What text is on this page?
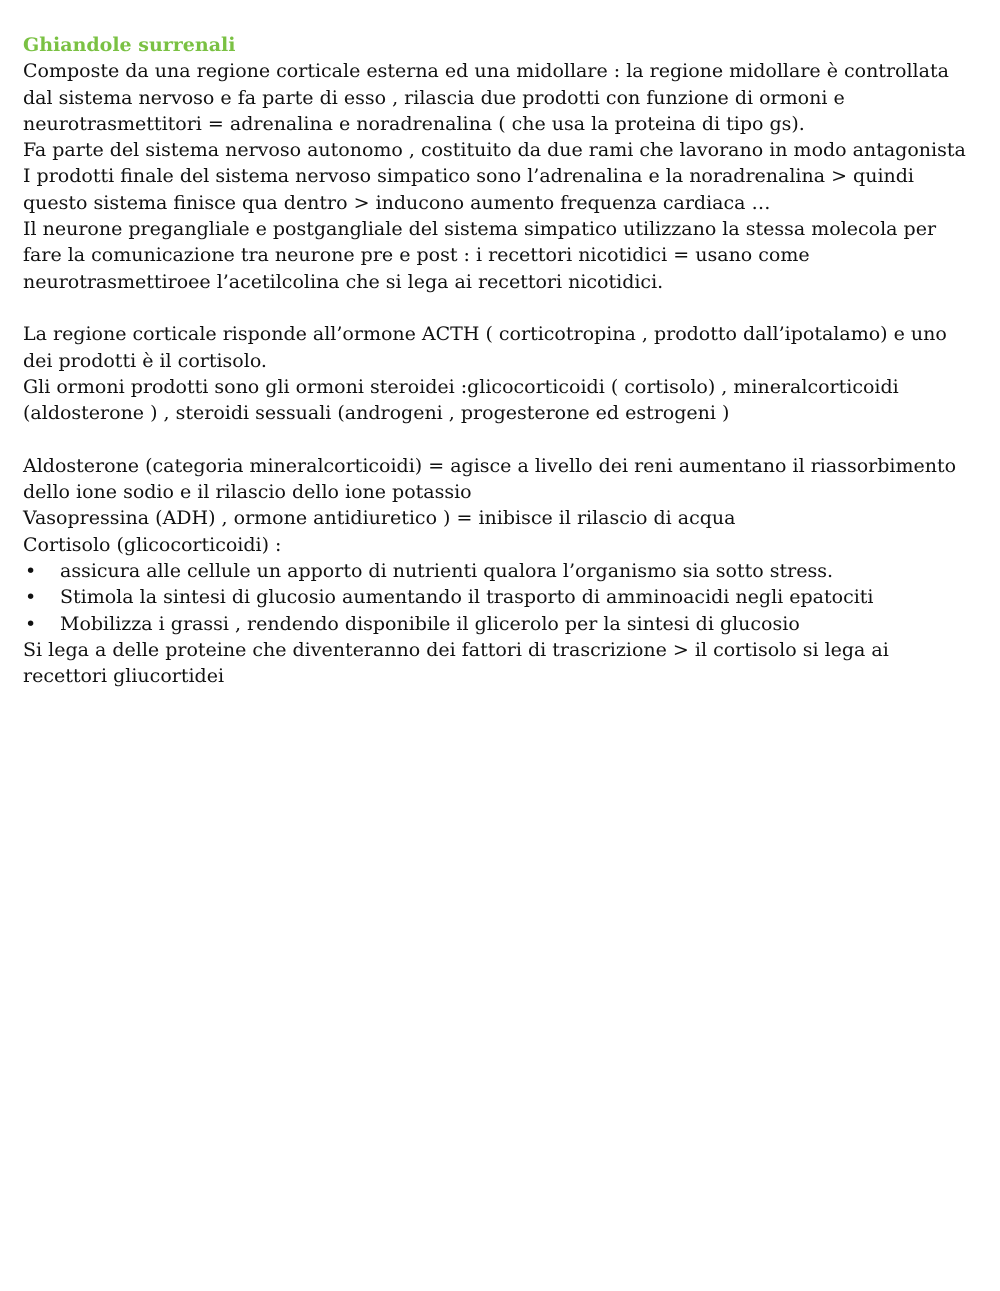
Ghiandole surrenali

Composte da una regione corticale esterna ed una midollare : la regione midollare è controllata dal sistema nervoso e fa parte di esso , rilascia due prodotti con funzione di ormoni e neurotrasmettitori = adrenalina e noradrenalina ( che usa la proteina di tipo gs).

Fa parte del sistema nervoso autonomo , costituito da due rami che lavorano in modo antagonista

I prodotti finale del sistema nervoso simpatico sono l’adrenalina e la noradrenalina > quindi questo sistema finisce qua dentro > inducono aumento frequenza cardiaca …

Il neurone pregangliale e postgangliale del sistema simpatico utilizzano la stessa molecola per fare la comunicazione tra neurone pre e post : i recettori nicotidici = usano come neurotrasmettiroee l’acetilcolina che si lega ai recettori nicotidici.

La regione corticale risponde all’ormone ACTH ( corticotropina , prodotto dall’ipotalamo) e uno dei prodotti è il cortisolo.

Gli ormoni prodotti sono gli ormoni steroidei :glicocorticoidi ( cortisolo) , mineralcorticoidi (aldosterone ) , steroidi sessuali (androgeni , progesterone ed estrogeni )

Aldosterone (categoria mineralcorticoidi) = agisce a livello dei reni aumentano il riassorbimento dello ione sodio e il rilascio dello ione potassio

Vasopressina (ADH) , ormone antidiuretico ) = inibisce il rilascio di acqua

Cortisolo (glicocorticoidi) :

• assicura alle cellule un apporto di nutrienti qualora l’organismo sia sotto stress.
• Stimola la sintesi di glucosio aumentando il trasporto di amminoacidi negli epatociti
• Mobilizza i grassi , rendendo disponibile il glicerolo per la sintesi di glucosio

Si lega a delle proteine che diventeranno dei fattori di trascrizione > il cortisolo si lega ai recettori gliucortidei
